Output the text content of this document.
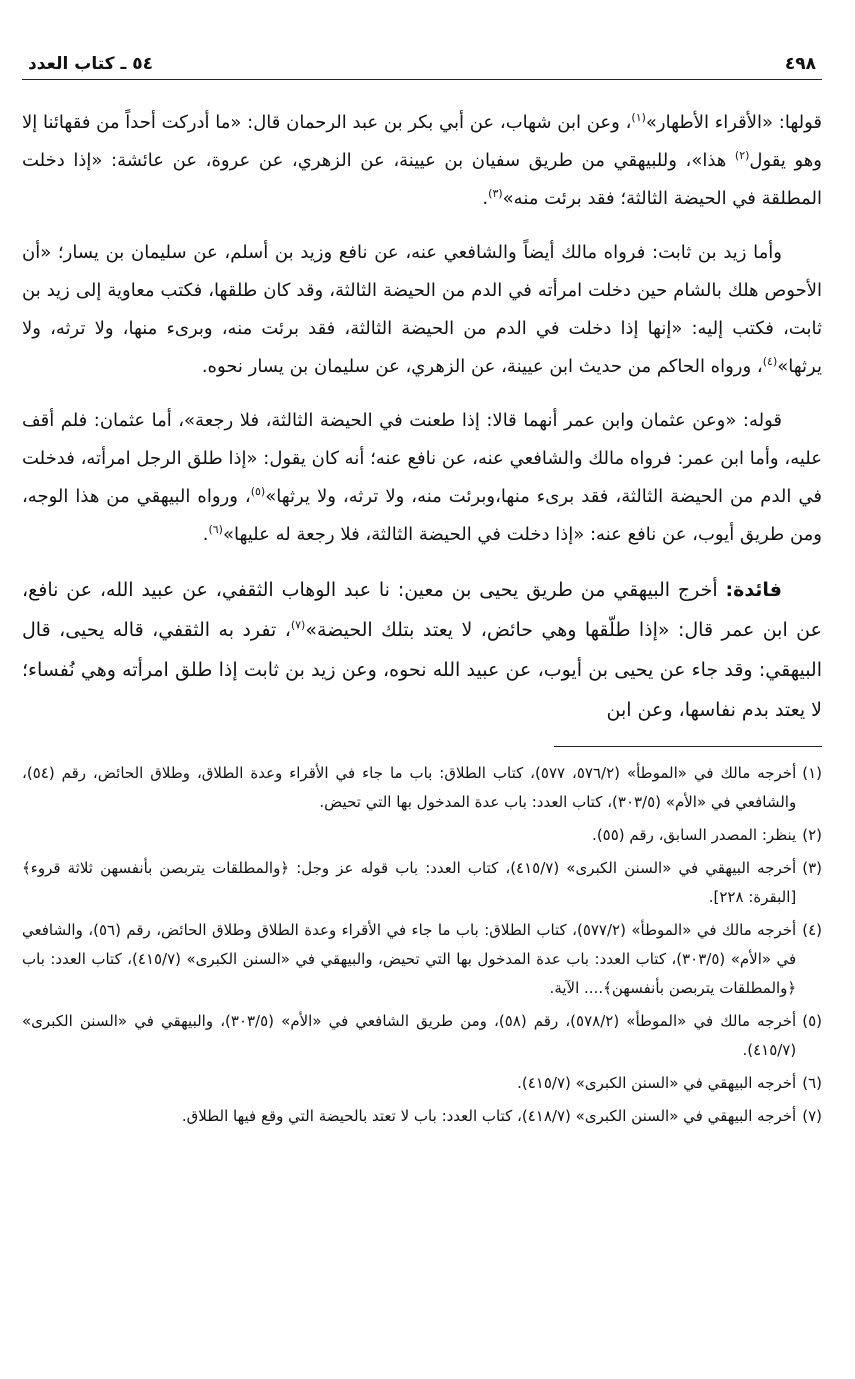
٤٩٨
٥٤ ـ كتاب العدد

قولها: «الأقراء الأطهار»$^{(١)}$، وعن ابن شهاب، عن أبي بكر بن عبد الرحمان قال: «ما أدركت أحداً من فقهائنا إلا وهو يقول$^{(٢)}$ هذا»، وللبيهقي من طريق سفيان بن عيينة، عن الزهري، عن عروة، عن عائشة: «إذا دخلت المطلقة في الحيضة الثالثة؛ فقد برئت منه»$^{(٣)}$.

وأما زيد بن ثابت: فرواه مالك أيضاً والشافعي عنه، عن نافع وزيد بن أسلم، عن سليمان بن يسار؛ «أن الأحوص هلك بالشام حين دخلت امرأته في الدم من الحيضة الثالثة، وقد كان طلقها، فكتب معاوية إلى زيد بن ثابت، فكتب إليه: «إنها إذا دخلت في الدم من الحيضة الثالثة، فقد برئت منه، وبرىء منها، ولا ترثه، ولا يرثها»$^{(٤)}$، ورواه الحاكم من حديث ابن عيينة، عن الزهري، عن سليمان بن يسار نحوه.

قوله: «وعن عثمان وابن عمر أنهما قالا: إذا طعنت في الحيضة الثالثة، فلا رجعة»، أما عثمان: فلم أقف عليه، وأما ابن عمر: فرواه مالك والشافعي عنه، عن نافع عنه؛ أنه كان يقول: «إذا طلق الرجل امرأته، فدخلت في الدم من الحيضة الثالثة، فقد برىء منها،وبرئت منه، ولا ترثه، ولا يرثها»$^{(٥)}$، ورواه البيهقي من هذا الوجه، ومن طريق أيوب، عن نافع عنه: «إذا دخلت في الحيضة الثالثة، فلا رجعة له عليها»$^{(٦)}$.

فائدة: أخرج البيهقي من طريق يحيى بن معين: نا عبد الوهاب الثقفي، عن عبيد الله، عن نافع، عن ابن عمر قال: «إذا طلّقها وهي حائض، لا يعتد بتلك الحيضة»$^{(٧)}$، تفرد به الثقفي، قاله يحيى، قال البيهقي: وقد جاء عن يحيى بن أيوب، عن عبيد الله نحوه، وعن زيد بن ثابت إذا طلق امرأته وهي نُفساء؛ لا يعتد بدم نفاسها، وعن ابن

(١)
أخرجه مالك في «الموطأ» (٥٧٦/٢، ٥٧٧)، كتاب الطلاق: باب ما جاء في الأقراء وعدة الطلاق، وطلاق الحائض، رقم (٥٤)، والشافعي في «الأم» (٣٠٣/٥)، كتاب العدد: باب عدة المدخول بها التي تحيض.
(٢)
ينظر: المصدر السابق، رقم (٥٥).
(٣)
أخرجه البيهقي في «السنن الكبرى» (٤١٥/٧)، كتاب العدد: باب قوله عز وجل: ﴿والمطلقات يتربصن بأنفسهن ثلاثة قروء﴾ [البقرة: ٢٢٨].
(٤)
أخرجه مالك في «الموطأ» (٥٧٧/٢)، كتاب الطلاق: باب ما جاء في الأقراء وعدة الطلاق وطلاق الحائض، رقم (٥٦)، والشافعي في «الأم» (٣٠٣/٥)، كتاب العدد: باب عدة المدخول بها التي تحيض، والبيهقي في «السنن الكبرى» (٤١٥/٧)، كتاب العدد: باب ﴿والمطلقات يتربصن بأنفسهن﴾.... الآية.
(٥)
أخرجه مالك في «الموطأ» (٥٧٨/٢)، رقم (٥٨)، ومن طريق الشافعي في «الأم» (٣٠٣/٥)، والبيهقي في «السنن الكبرى» (٤١٥/٧).
(٦)
أخرجه البيهقي في «السنن الكبرى» (٤١٥/٧).
(٧)
أخرجه البيهقي في «السنن الكبرى» (٤١٨/٧)، كتاب العدد: باب لا تعتد بالحيضة التي وقع فيها الطلاق.
